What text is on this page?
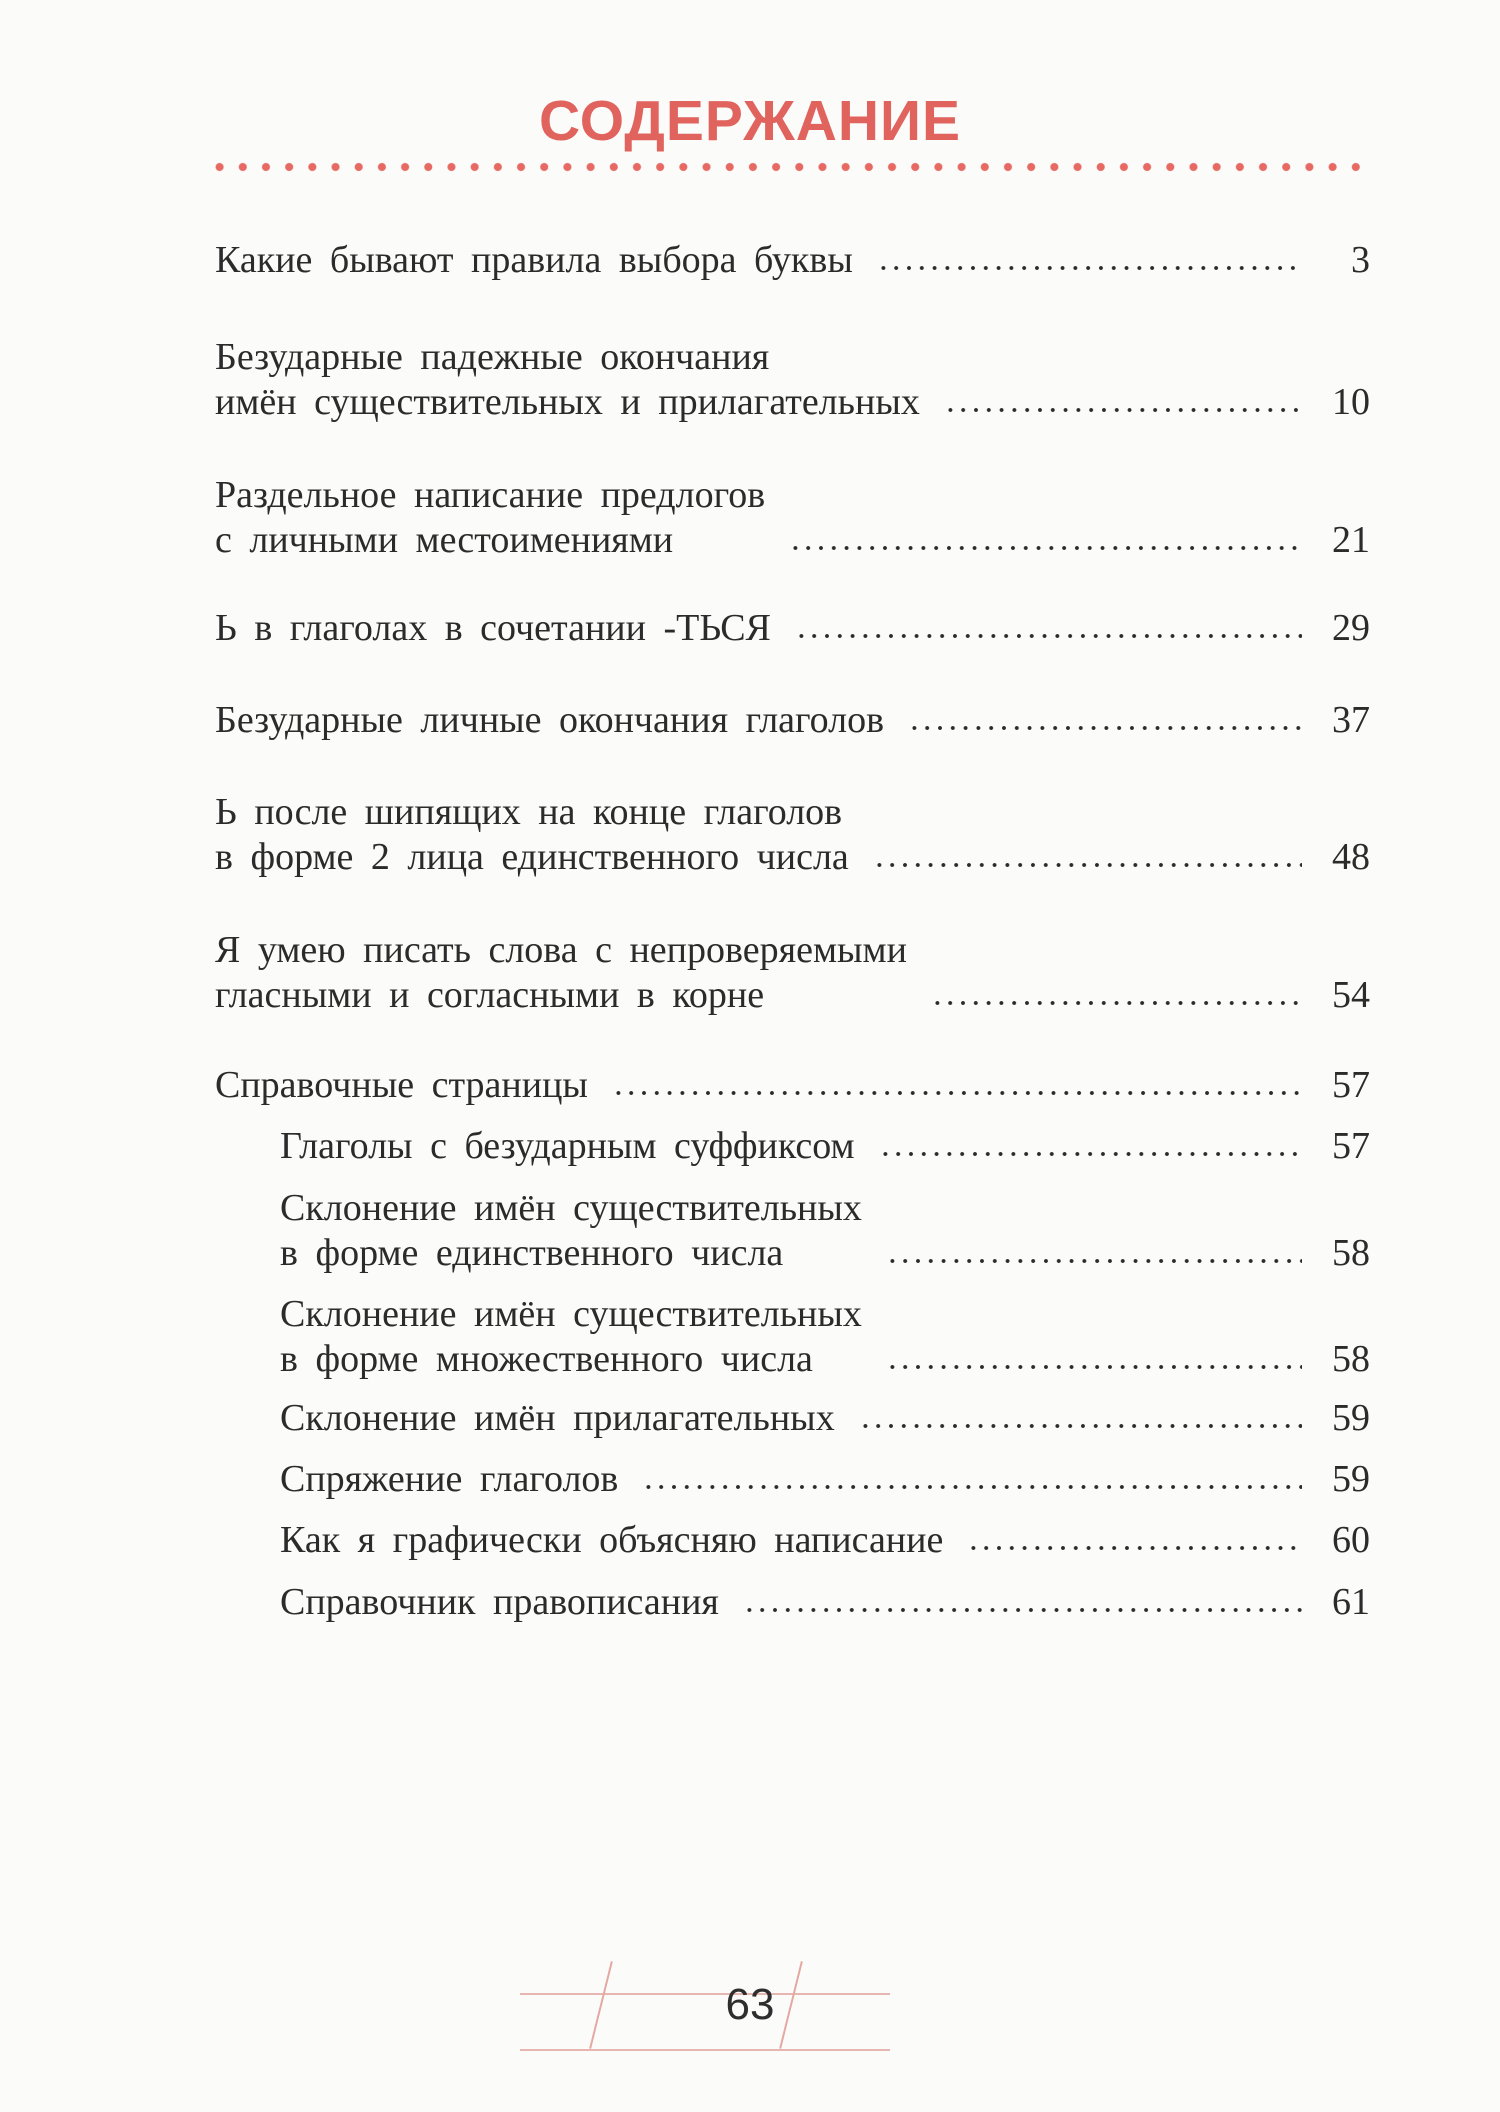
СОДЕРЖАНИЕ
Какие бывают правила выбора буквы	3
Безударные падежные окончания
имён существительных и прилагательных	10
Раздельное написание предлогов
с личными местоимениями	21
Ь в глаголах в сочетании -ТЬСЯ	29
Безударные личные окончания глаголов	37
Ь после шипящих на конце глаголов
в форме 2 лица единственного числа	48
Я умею писать слова с непроверяемыми
гласными и согласными в корне	54
Справочные страницы	57
Глаголы с безударным суффиксом	57
Склонение имён существительных
в форме единственного числа	58
Склонение имён существительных
в форме множественного числа	58
Склонение имён прилагательных	59
Спряжение глаголов	59
Как я графически объясняю написание	60
Справочник правописания	61
63
